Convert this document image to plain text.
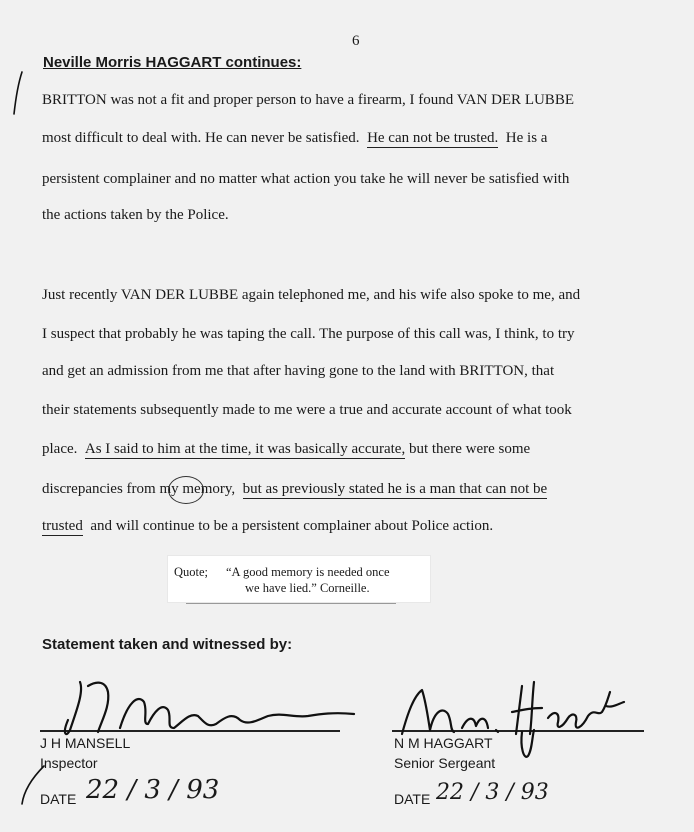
6
Neville Morris HAGGART continues:
BRITTON was not a fit and proper person to have a firearm, I found VAN DER LUBBE
most difficult to deal with. He can never be satisfied. He can not be trusted. He is a
persistent complainer and no matter what action you take he will never be satisfied with
the actions taken by the Police.
Just recently VAN DER LUBBE again telephoned me, and his wife also spoke to me, and
I suspect that probably he was taping the call. The purpose of this call was, I think, to try
and get an admission from me that after having gone to the land with BRITTON, that
their statements subsequently made to me were a true and accurate account of what took
place. As I said to him at the time, it was basically accurate, but there were some
discrepancies from my memory, but as previously stated he is a man that can not be
trusted and will continue to be a persistent complainer about Police action.
Quote; “A good memory is needed once
we have lied.” Corneille.
Statement taken and witnessed by:
J H MANSELL
Inspector
DATE 22 / 3 / 93
N M HAGGART
Senior Sergeant
DATE 22 / 3 / 93
